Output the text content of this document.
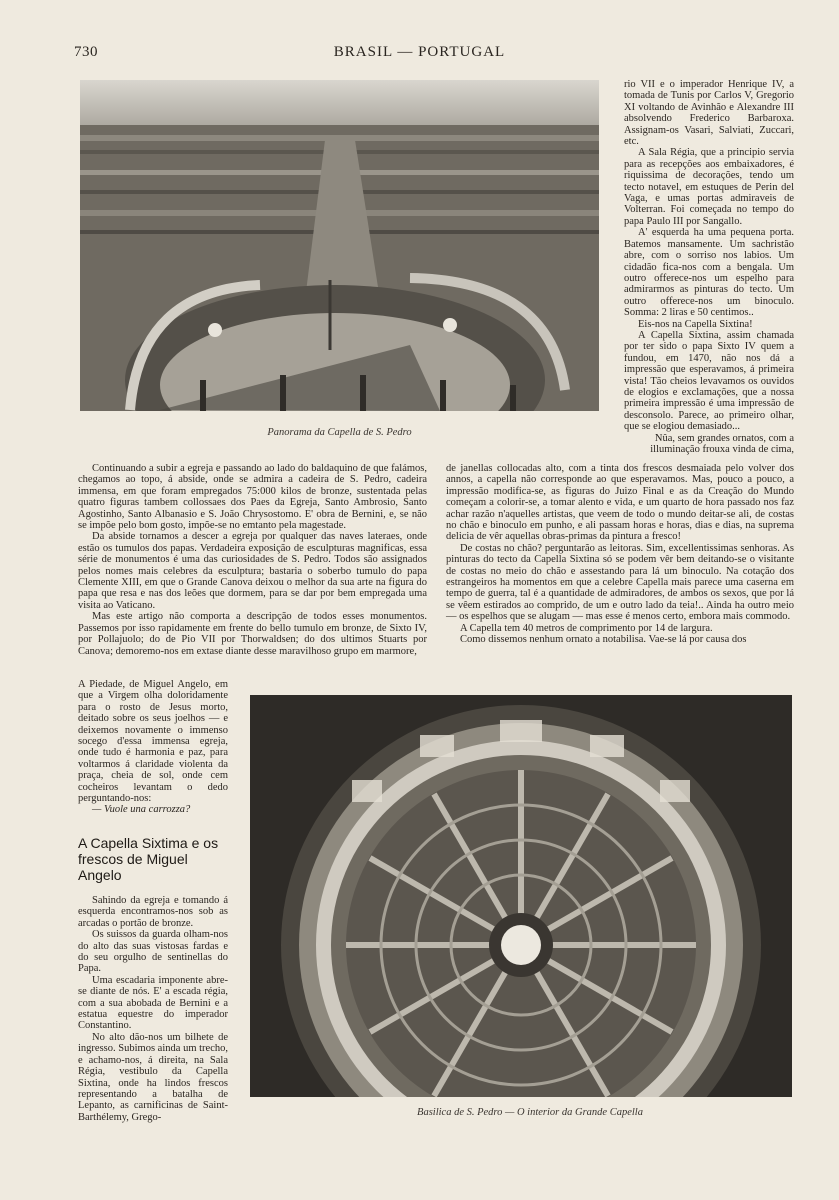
730	BRASIL — PORTUGAL
Panorama da Capella de S. Pedro

rio VII e o imperador Henrique IV, a tomada de Tunis por Carlos V, Gregorio XI voltando de Avinhão e Alexandre III absolvendo Frederico Barbaroxa. Assignam-os Vasari, Salviati, Zuccari, etc.

A Sala Régia, que a principio servia para as recepções aos embaixadores, é riquissima de decorações, tendo um tecto notavel, em estuques de Perin del Vaga, e umas portas admiraveis de Volterran. Foi começada no tempo do papa Paulo III por Sangallo.

A' esquerda ha uma pequena porta. Batemos mansamente. Um sachristão abre, com o sorriso nos labios. Um cidadão fica-nos com a bengala. Um outro offerece-nos um espelho para admirarmos as pinturas do tecto. Um outro offerece-nos um binoculo. Somma: 2 liras e 50 centimos..

Eis-nos na Capella Sixtina!

A Capella Sixtina, assim chamada por ter sido o papa Sixto IV quem a fundou, em 1470, não nos dá a impressão que esperavamos, á primeira vista! Tão cheios levavamos os ouvidos de elogios e exclamações, que a nossa primeira impressão é uma impressão de desconsolo. Parece, ao primeiro olhar, que se elogiou demasiado...

Nûa, sem grandes ornatos, com a illuminação frouxa vinda de cima,

Continuando a subir a egreja e passando ao lado do baldaquino de que falámos, chegamos ao topo, á abside, onde se admira a cadeira de S. Pedro, cadeira immensa, em que foram empregados 75:000 kilos de bronze, sustentada pelas quatro figuras tambem collossaes dos Paes da Egreja, Santo Ambrosio, Santo Agostinho, Santo Albanasio e S. João Chrysostomo. E' obra de Bernini, e, se não se impõe pelo bom gosto, impõe-se no emtanto pela magestade.

Da abside tornamos a descer a egreja por qualquer das naves lateraes, onde estão os tumulos dos papas. Verdadeira exposição de esculpturas magnificas, essa série de monumentos é uma das curiosidades de S. Pedro. Todos são assignados pelos nomes mais celebres da esculptura; bastaria o soberbo tumulo do papa Clemente XIII, em que o Grande Canova deixou o melhor da sua arte na figura do papa que resa e nas dos leões que dormem, para se dar por bem empregada uma visita ao Vaticano.

Mas este artigo não comporta a descripção de todos esses monumentos. Passemos por isso rapidamente em frente do bello tumulo em bronze, de Sixto IV, por Pollajuolo; do de Pio VII por Thorwaldsen; do dos ultimos Stuarts por Canova; demoremo-nos em extase diante desse maravilhoso grupo em marmore,

A Piedade, de Miguel Angelo, em que a Virgem olha doloridamente para o rosto de Jesus morto, deitado sobre os seus joelhos — e deixemos novamente o immenso socego d'essa immensa egreja, onde tudo é harmonia e paz, para voltarmos á claridade violenta da praça, cheia de sol, onde cem cocheiros levantam o dedo perguntando-nos:

— Vuole una carrozza?

A Capella Sixtima e os frescos de Miguel Angelo

Sahindo da egreja e tomando á esquerda encontramos-nos sob as arcadas o portão de bronze.

Os suissos da guarda olham-nos do alto das suas vistosas fardas e do seu orgulho de sentinellas do Papa.

Uma escadaria imponente abre-se diante de nós. E' a escada régia, com a sua abobada de Bernini e a estatua equestre do imperador Constantino.

No alto dão-nos um bilhete de ingresso. Subimos ainda um trecho, e achamo-nos, á direita, na Sala Régia, vestibulo da Capella Sixtina, onde ha lindos frescos representando a batalha de Lepanto, as carnificinas de Saint-Barthélemy, Grego-

de janellas collocadas alto, com a tinta dos frescos desmaiada pelo volver dos annos, a capella não corresponde ao que esperavamos. Mas, pouco a pouco, a impressão modifica-se, as figuras do Juizo Final e as da Creação do Mundo começam a colorir-se, a tomar alento e vida, e um quarto de hora passado nos faz achar razão n'aquelles artistas, que veem de todo o mundo deitar-se ali, de costas no chão e binoculo em punho, e ali passam horas e horas, dias e dias, na suprema delicia de vêr aquellas obras-primas da pintura a fresco!

De costas no chão? perguntarão as leitoras. Sim, excellentissimas senhoras. As pinturas do tecto da Capella Sixtina só se podem vêr bem deitando-se o visitante de costas no meio do chão e assestando para lá um binoculo. Na cotação dos estrangeiros ha momentos em que a celebre Capella mais parece uma caserna em tempo de guerra, tal é a quantidade de admiradores, de ambos os sexos, que por lá se vêem estirados ao comprido, de um e outro lado da teia!.. Ainda ha outro meio — os espelhos que se alugam — mas esse é menos certo, embora mais commodo.

A Capella tem 40 metros de comprimento por 14 de largura.

Como dissemos nenhum ornato a notabilisa. Vae-se lá por causa dos

Basilica de S. Pedro — O interior da Grande Capella
